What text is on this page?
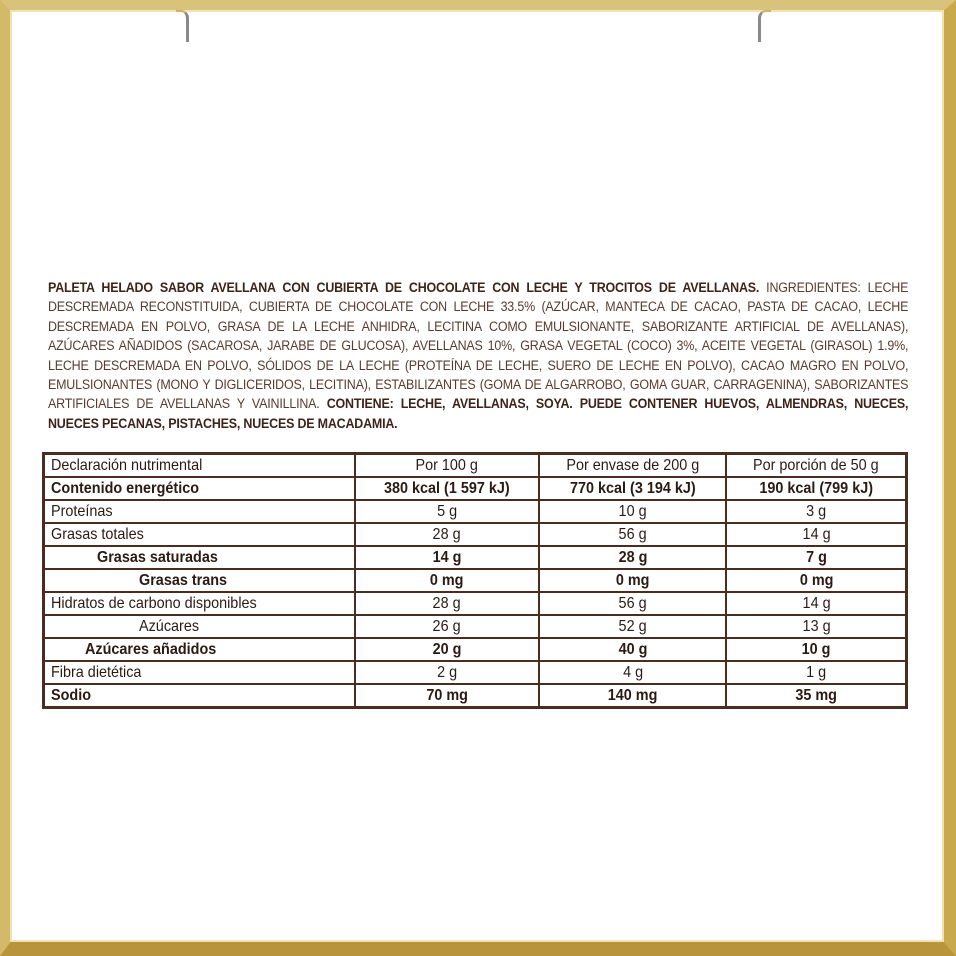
PALETA HELADO SABOR AVELLANA CON CUBIERTA DE CHOCOLATE CON LECHE Y TROCITOS DE AVELLANAS. INGREDIENTES: LECHE DESCREMADA RECONSTITUIDA, CUBIERTA DE CHOCOLATE CON LECHE 33.5% (AZÚCAR, MANTECA DE CACAO, PASTA DE CACAO, LECHE DESCREMADA EN POLVO, GRASA DE LA LECHE ANHIDRA, LECITINA COMO EMULSIONANTE, SABORIZANTE ARTIFICIAL DE AVELLANAS), AZÚCARES AÑADIDOS (SACAROSA, JARABE DE GLUCOSA), AVELLANAS 10%, GRASA VEGETAL (COCO) 3%, ACEITE VEGETAL (GIRASOL) 1.9%, LECHE DESCREMADA EN POLVO, SÓLIDOS DE LA LECHE (PROTEÍNA DE LECHE, SUERO DE LECHE EN POLVO), CACAO MAGRO EN POLVO, EMULSIONANTES (MONO Y DIGLICERIDOS, LECITINA), ESTABILIZANTES (GOMA DE ALGARROBO, GOMA GUAR, CARRAGENINA), SABORIZANTES ARTIFICIALES DE AVELLANAS Y VAINILLINA. CONTIENE: LECHE, AVELLANAS, SOYA. PUEDE CONTENER HUEVOS, ALMENDRAS, NUECES, NUECES PECANAS, PISTACHES, NUECES DE MACADAMIA.
Declaración nutrimental	Por 100 g	Por envase de 200 g	Por porción de 50 g
Contenido energético	380 kcal (1 597 kJ)	770 kcal (3 194 kJ)	190 kcal (799 kJ)
Proteínas	5 g	10 g	3 g
Grasas totales	28 g	56 g	14 g
Grasas saturadas	14 g	28 g	7 g
Grasas trans	0 mg	0 mg	0 mg
Hidratos de carbono disponibles	28 g	56 g	14 g
Azúcares	26 g	52 g	13 g
Azúcares añadidos	20 g	40 g	10 g
Fibra dietética	2 g	4 g	1 g
Sodio	70 mg	140 mg	35 mg
